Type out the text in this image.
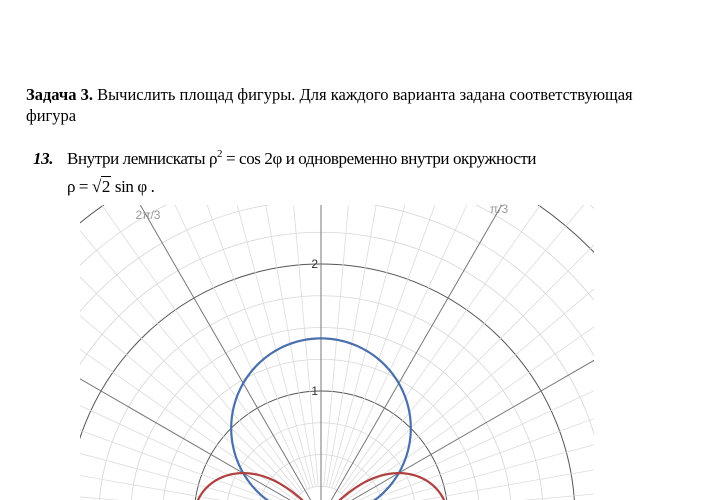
Задача 3. Вычислить площад фигуры. Для каждого варианта задана соответствующая фигура
13. Внутри лемнискаты $\rho^2 = \cos 2\varphi$ и одновременно внутри окружности
ρ = √2 sin φ .
1
2
2π/3	π/3
